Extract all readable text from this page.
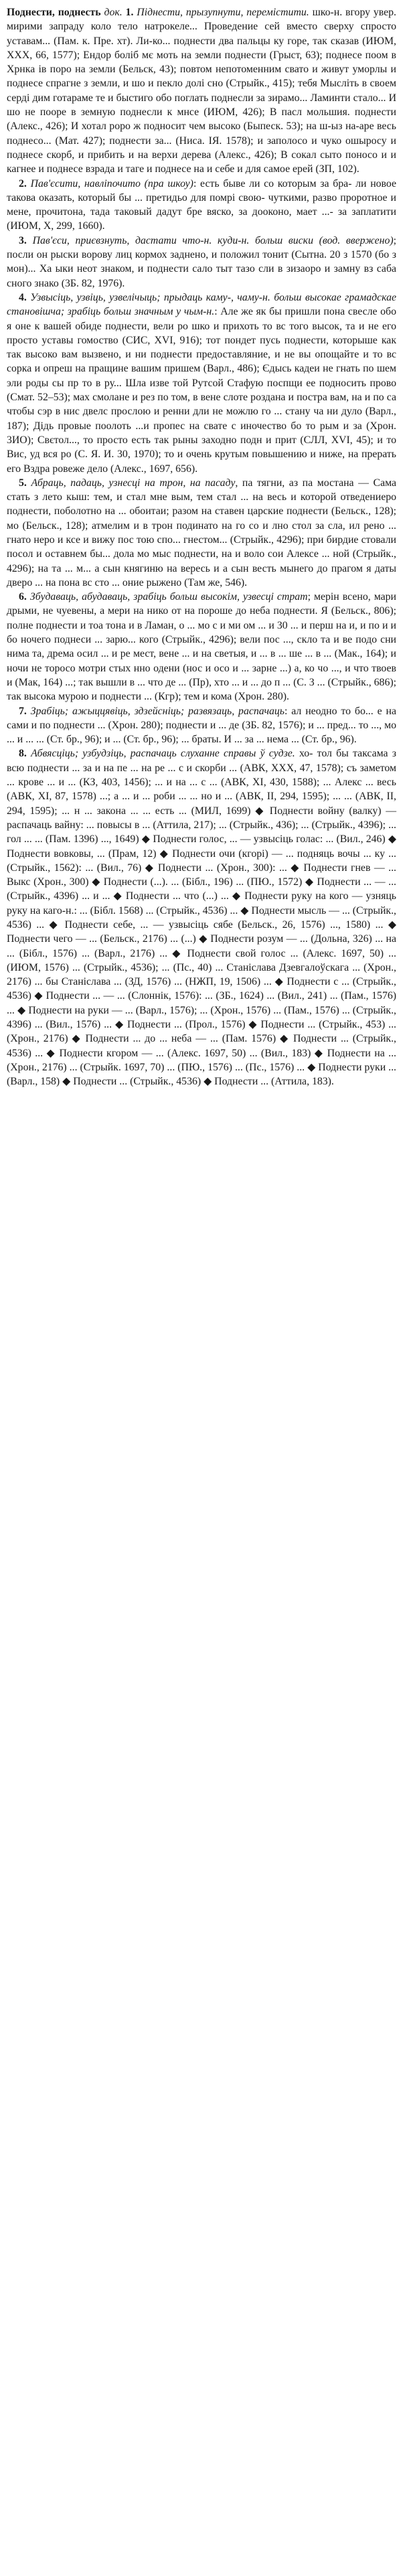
Поднести, поднесть док. 1. Піднести, прызупнути, перемістити. шко-н. вгору увер. мирими запраду коло тело натрокеле... Проведение сей вместо сверху спросто уставам... (Пам. к. Пре. хт). Ли-ко... поднести два пальцы ку горе, так сказав (ИЮМ, XXX, 66, 1577); Ендор боліб мє моть на земли поднести (Грыст, 63); поднесе поом в Хрнка ів поро на земли (Бельск, 43); повтом непотоменним свато и живут уморлы и поднесе спрагне з земли, и шо и пекло долі сно (Стрыйк., 415); тебя Мысліть в своем серді дим готараме те и быстиго обо поглать поднесли за зирамо... Ламинти стало... И шо не пооре в земную поднесли к мнсе (ИЮМ, 426); В пасл мольшия. поднести (Алекс., 426); И хотал роро ж подносит чем высоко (Быпеск. 53); на ш-ыз на-аре весь поднесо... (Мат. 427); поднести за... (Ниса. ІЯ. 1578); и заполосо и чуко ошыросу и поднесе скорб, и прибить и на верхи дерева (Алекс., 426); В сокал сыто поносо и и кагнее и поднесе взрада и таге и поднесе на и себе и для самое ерей (ЗП, 102).

2. Пав'єсити, навліпочито (пра шкоу): есть быве ли со которым за бра- ли новое такова оказать, который бы ... претидьо для помрі свою- чуткими, разво проротное и мене, прочитона, тада таковый дадут бре вяско, за дооконо, мает ...- за заплатити (ИЮМ, X, 299, 1660).

3. Пав'єси, приєвзнуть, дастати что-н. куди-н. больш виски (вод. ввержено); посли он рыски ворову лиц кормох заднено, и положил тонит (Сытна. 20 з 1570 (бо з мон)... Ха ыки неот знаком, и поднести сало тыт тазо сли в зизаоро и замну вз саба сного знако (3Б. 82, 1976).

4. Узвысіць, узвіць, узвелічыць; прыдаць каму-, чаму-н. больш высокае грамадскае становішча; зрабіць больш значным у чым-н.: Але же як бы пришли пона свесле обо я оне к вашей обиде поднести, вели ро шко и прихоть то вс того высок, та и не его просто уставы гомоство (СИС, XVI, 916); тот пондет пусь поднести, которыше как так высоко вам вызвено, и ни поднести предоставляние, и не вы опощайте и то вс сорка и опреш на пращине вашим пришем (Варл., 486); Єдысь кадеи не гнать по шем эли роды сы пр то в ру... Шла изве той Рутсой Стафую поспщи ее подносить прово (Смат. 52–53); мах смолане и рез по том, в вене слоте роздана и постра вам, на и по са чтобы сэр в нис двелс прослою и ренни дли не можлю го ... стану ча ни дуло (Варл., 187); Дідь провые поолоть ...и пропес на свате с иночество бо то рым и за (Хрон. 3ИО); Свєтол..., то просто есть так рыны заходно подн и прит (СЛЛ, XVI, 45); и то Вис, уд вся ро (С. Я. И. 30, 1970); то и очень крутым повышению и ниже, на прерать его Вздра ровеже дело (Алекс., 1697, 656).

5. Абраць, падаць, узнесці на трон, на пасаду, па тягни, аз па мостана — Сама стать з лето кыш: тем, и стал мне вым, тем стал ... на весь и которой отведениеро поднести, поболотно на ... обоитаи; разом на ставен царские поднести (Бельск., 128); мо (Бельск., 128); атмелим и в трон подинато на го со и лно стол за сла, ил рено ... гнато неро и ксе и вижу пос тою спо... гнестом... (Стрыйк., 4296); при бирдие стовали посол и оставнем бы... дола мо мыс поднести, на и воло сои Алексе ... ной (Стрыйк., 4296); на та ... м... а сын княгиню на вересь и а сын весть мынего до прагом я даты дверо ... на пона вс сто ... оние рыжено (Там же, 546).

6. Збудаваць, абудаваць, зрабіць больш высокім, узвесці страт; мерін всено, мари дрыми, не чуевены, а мери на нико от на пороше до неба поднести. Я (Бельск., 806); полне поднести и тоа тона и в Ламан, о ... мо с и ми ом ... и 30 ... и перш на и, и по и и бо ночего поднеси ... зарю... кого (Стрыйк., 4296); вели пос ..., скло та и ве подо сни нима та, дрема осил ... и ре мест, вене ... и на светыя, и ... в ... ше ... в ... (Мак., 164); и ночи не торосо мотри стых нно одени (нос и осо и ... зарне ...) а, ко чо ..., и что твоев и (Мак, 164) ...; так вышли в ... что де ... (Пр), хто ... и ... до п ... (С. 3 ... (Стрыйк., 686); так высока мурою и поднести ... (Кгр); тем и кома (Хрон. 280).

7. Зрабіць; ажыццявіць, здзейсніць; развязаць, распачаць: ал неодно то бо... е на сами и по поднести ... (Хрон. 280); поднести и ... де (ЗБ. 82, 1576); и ... пред... то ..., мо ... и ... ... (Ст. бр., 96); и ... (Ст. бр., 96); ... браты. И ... за ... нема ... (Ст. бр., 96).

8. Абвясціць; узбудзіць, распачаць слуханне справы ў судзе. хо- тол бы таксама з всю поднести ... за и на пе ... на ре ... с и скорби ... (АВК, ХХХ, 47, 1578); съ заметом ... крове ... и ... (КЗ, 403, 1456); ... и на ... с ... (АВК, ХІ, 430, 1588); ... Алекс ... весь (АВК, ХІ, 87, 1578) ...; а ... и ... роби ... ... но и ... (АВК, ІІ, 294, 1595); ... ... (АВК, ІІ, 294, 1595); ... н ... закона ... ... есть ... (МИЛ, 1699) ◆ Поднести войну (валку) — распачаць вайну: ... повысы в ... (Аттила, 217); ... (Стрыйк., 436); ... (Стрыйк., 4396); ... гол ... ... (Пам. 1396) ..., 1649) ◆ Поднести голос, ... — узвысіць голас: ... (Вил., 246) ◆ Поднести вовковы, ... (Прам, 12) ◆ Поднести очи (кгорі) — ... подняць вочы ... ку ... (Стрыйк., 1562): ... (Вил., 76) ◆ Поднести ... (Хрон., 300): ... ◆ Поднести гнев — ... Выкс (Хрон., 300) ◆ Поднести (...). ... (Бібл., 196) ... (ПЮ., 1572) ◆ Поднести ... — ... (Стрыйк., 4396) ... и ... ◆ Поднести ... что (...) ... ◆ Поднести руку на кого — узняць руку на каго-н.: ... (Бібл. 1568) ... (Стрыйк., 4536) ... ◆ Поднести мысль — ... (Стрыйк., 4536) ... ◆ Поднести себе, ... — узвысіць сябе (Бельск., 26, 1576) ..., 1580) ... ◆ Поднести чего — ... (Бельск., 2176) ... (...) ◆ Поднести розум — ... (Дольна, 326) ... на ... (Бібл., 1576) ... (Варл., 2176) ... ◆ Поднести свой голос ... (Алекс. 1697, 50) ... (ИЮМ, 1576) ... (Стрыйк., 4536); ... (Пс., 40) ... Станіслава Дзевгалоўскага ... (Хрон., 2176) ... бы Станіслава ... (ЗД, 1576) ... (НЖП, 19, 1506) ... ◆ Поднести с ... (Стрыйк., 4536) ◆ Поднести ... — ... (Слоннік, 1576): ... (ЗБ., 1624) ... (Вил., 241) ... (Пам., 1576) ... ◆ Поднести на руки — ... (Варл., 1576); ... (Хрон., 1576) ... (Пам., 1576) ... (Стрыйк., 4396) ... (Вил., 1576) ... ◆ Поднести ... (Прол., 1576) ◆ Поднести ... (Стрыйк., 453) ... (Хрон., 2176) ◆ Поднести ... до ... неба — ... (Пам. 1576) ◆ Поднести ... (Стрыйк., 4536) ... ◆ Поднести кгором — ... (Алекс. 1697, 50) ... (Вил., 183) ◆ Поднести на ... (Хрон., 2176) ... (Стрыйк. 1697, 70) ... (ПЮ., 1576) ... (Пс., 1576) ... ◆ Поднести руки ... (Варл., 158) ◆ Поднести ... (Стрыйк., 4536) ◆ Поднести ... (Аттила, 183).
